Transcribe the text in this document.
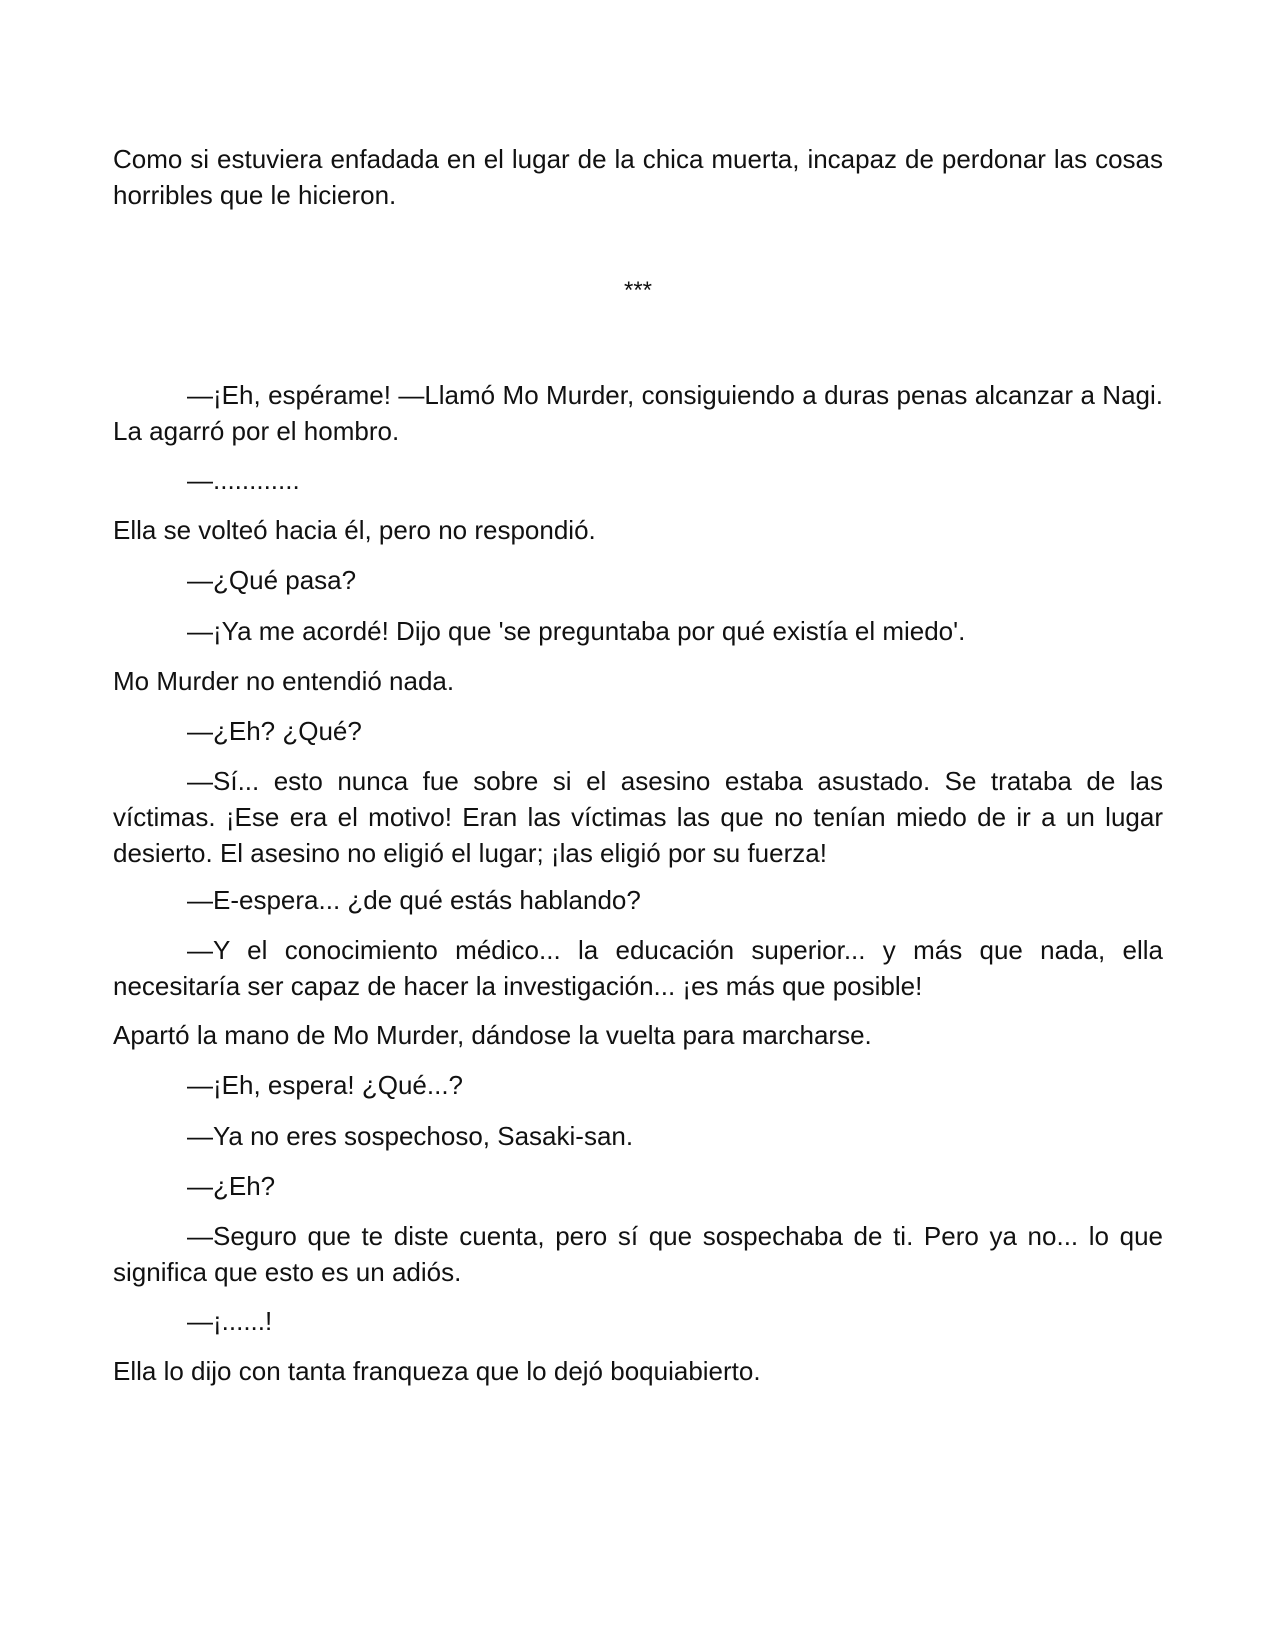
Como si estuviera enfadada en el lugar de la chica muerta, incapaz de perdonar las cosas horribles que le hicieron.

***

—¡Eh, espérame! —Llamó Mo Murder, consiguiendo a duras penas alcanzar a Nagi. La agarró por el hombro.

—............

Ella se volteó hacia él, pero no respondió.

—¿Qué pasa?

—¡Ya me acordé! Dijo que 'se preguntaba por qué existía el miedo'.

Mo Murder no entendió nada.

—¿Eh? ¿Qué?

—Sí... esto nunca fue sobre si el asesino estaba asustado. Se trataba de las víctimas. ¡Ese era el motivo! Eran las víctimas las que no tenían miedo de ir a un lugar desierto. El asesino no eligió el lugar; ¡las eligió por su fuerza!

—E-espera... ¿de qué estás hablando?

—Y el conocimiento médico... la educación superior... y más que nada, ella necesitaría ser capaz de hacer la investigación... ¡es más que posible!

Apartó la mano de Mo Murder, dándose la vuelta para marcharse.

—¡Eh, espera! ¿Qué...?

—Ya no eres sospechoso, Sasaki-san.

—¿Eh?

—Seguro que te diste cuenta, pero sí que sospechaba de ti. Pero ya no... lo que significa que esto es un adiós.

—¡......!

Ella lo dijo con tanta franqueza que lo dejó boquiabierto.
